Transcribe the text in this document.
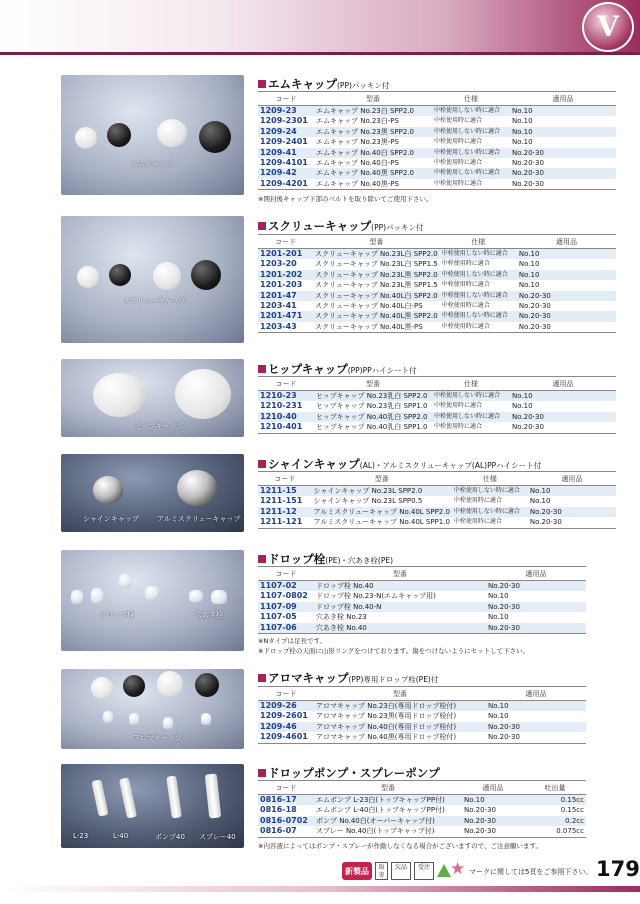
V
エムキャップ
エムキャップ(PP)パッキン付
コード	型番	仕様	適用品
1209-23	エムキャップ No.23白 SPP2.0	中栓使用しない時に適合	No.10
1209-2301	エムキャップ No.23白-PS	中栓使用時に適合	No.10
1209-24	エムキャップ No.23黒 SPP2.0	中栓使用しない時に適合	No.10
1209-2401	エムキャップ No.23黒-PS	中栓使用時に適合	No.10
1209-41	エムキャップ No.40白 SPP2.0	中栓使用しない時に適合	No.20-30
1209-4101	エムキャップ No.40白-PS	中栓使用時に適合	No.20-30
1209-42	エムキャップ No.40黒 SPP2.0	中栓使用しない時に適合	No.20-30
1209-4201	エムキャップ No.40黒-PS	中栓使用時に適合	No.20-30
※開封後キャップ下部のベルトを取り除いてご使用下さい。
スクリューキャップ
スクリューキャップ(PP)パッキン付
コード	型番	仕様	適用品
1201-201	スクリューキャップ No.23L白 SPP2.0	中栓使用しない時に適合	No.10
1203-20	スクリューキャップ No.23L白 SPP1.5	中栓使用時に適合	No.10
1201-202	スクリューキャップ No.23L黒 SPP2.0	中栓使用しない時に適合	No.10
1201-203	スクリューキャップ No.23L黒 SPP1.5	中栓使用時に適合	No.10
1201-47	スクリューキャップ No.40L白 SPP2.0	中栓使用しない時に適合	No.20-30
1203-41	スクリューキャップ No.40L白-PS	中栓使用時に適合	No.20-30
1201-471	スクリューキャップ No.40L黒 SPP2.0	中栓使用しない時に適合	No.20-30
1203-43	スクリューキャップ No.40L黒-PS	中栓使用時に適合	No.20-30
ヒップキャップ
ヒップキャップ(PP)PPハイシート付
コード	型番	仕様	適用品
1210-23	ヒップキャップ No.23乳白 SPP2.0	中栓使用しない時に適合	No.10
1210-231	ヒップキャップ No.23乳白 SPP1.0	中栓使用時に適合	No.10
1210-40	ヒップキャップ No.40乳白 SPP2.0	中栓使用しない時に適合	No.20-30
1210-401	ヒップキャップ No.40乳白 SPP1.0	中栓使用時に適合	No.20-30
シャインキャップ	アルミスクリューキャップ
シャインキャップ(AL)・アルミスクリューキャップ(AL)PPハイシート付
コード	型番	仕様	適用品
1211-15	シャインキャップ No.23L SPP2.0	中栓使用しない時に適合	No.10
1211-151	シャインキャップ No.23L SPP0.5	中栓使用時に適合	No.10
1211-12	アルミスクリューキャップ No.40L SPP2.0	中栓使用しない時に適合	No.20-30
1211-121	アルミスクリューキャップ No.40L SPP1.0	中栓使用時に適合	No.20-30
ドロップ栓	穴あき栓
ドロップ栓(PE)・穴あき栓(PE)
コード	型番	適用品
1107-02	ドロップ栓 No.40	No.20-30
1107-0802	ドロップ栓 No.23-N(エムキャップ用)	No.10
1107-09	ドロップ栓 No.40-N	No.20-30
1107-05	穴あき栓 No.23	No.10
1107-06	穴あき栓 No.40	No.20-30
※Nタイプは足長です。
※ドロップ栓の天面に山形リングをつけております。傷をつけないようにセットして下さい。
アロマキャップ
アロマキャップ(PP)専用ドロップ栓(PE)付
コード	型番	適用品
1209-26	アロマキャップ No.23白(専用ドロップ栓付)	No.10
1209-2601	アロマキャップ No.23黒(専用ドロップ栓付)	No.10
1209-46	アロマキャップ No.40白(専用ドロップ栓付)	No.20-30
1209-4601	アロマキャップ No.40黒(専用ドロップ栓付)	No.20-30
L-23	L-40	ポンプ40 スプレー40
ドロップポンプ・スプレーポンプ
コード	型番	適用品	吐出量
0816-17	エムポンプ L-23白(トップキャップPP付)	No.10	0.15cc
0816-18	エムポンプ L-40白(トップキャップPP付)	No.20-30	0.15cc
0816-0702	ポンプ No.40白(オーバーキャップ付)	No.20-30	0.2cc
0816-07	スプレー No.40白(トップキャップ付)	No.20-30	0.075cc
※内容液によってはポンプ・スプレーが作動しなくなる場合がございますので、ご注意願います。
新製品	取寄
欠品	受注 ★ マークに関しては5頁をご参照下さい。 179
